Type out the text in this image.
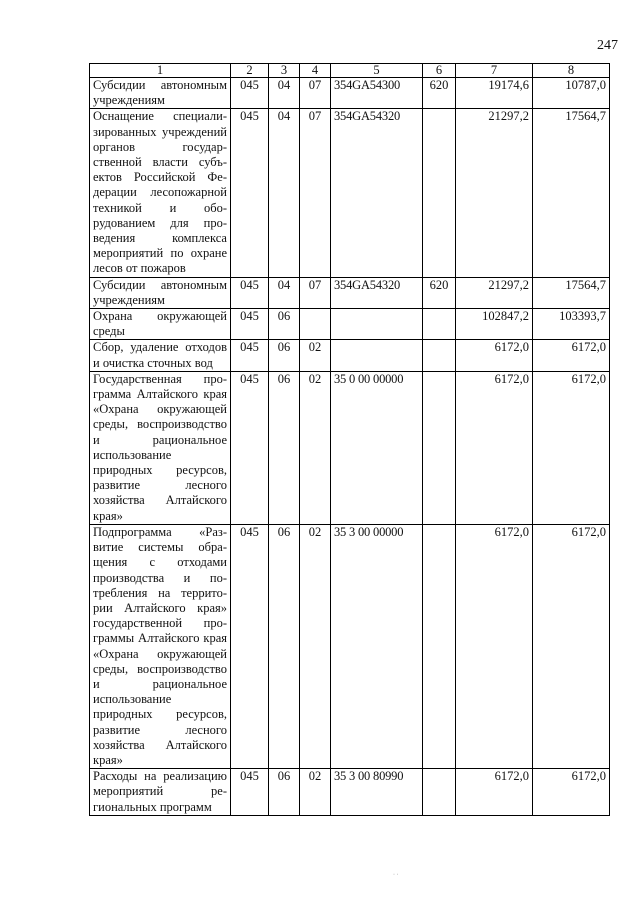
247
1	2	3	4	5	6	7	8
Субсидии автономным учреждениям	045	04	07	354GA54300	620	19174,6	10787,0
Оснащение специализированных учреждений органов государственной власти субъектов Российской Федерации лесопожарной техникой и оборудованием для проведения комплекса мероприятий по охране лесов от пожаров	045	04	07	354GA54320		21297,2	17564,7
Субсидии автономным учреждениям	045	04	07	354GA54320	620	21297,2	17564,7
Охрана окружающей среды	045	06				102847,2	103393,7
Сбор, удаление отходов и очистка сточных вод	045	06	02			6172,0	6172,0
Государственная программа Алтайского края «Охрана окружающей среды, воспроизводство и рациональное использование природных ресурсов, развитие лесного хозяйства Алтайского края»	045	06	02	35 0 00 00000		6172,0	6172,0
Подпрограмма «Развитие системы обращения с отходами производства и потребления на территории Алтайского края» государственной программы Алтайского края «Охрана окружающей среды, воспроизводство и рациональное использование природных ресурсов, развитие лесного хозяйства Алтайского края»	045	06	02	35 3 00 00000		6172,0	6172,0
Расходы на реализацию мероприятий региональных программ	045	06	02	35 3 00 80990		6172,0	6172,0
· ·
